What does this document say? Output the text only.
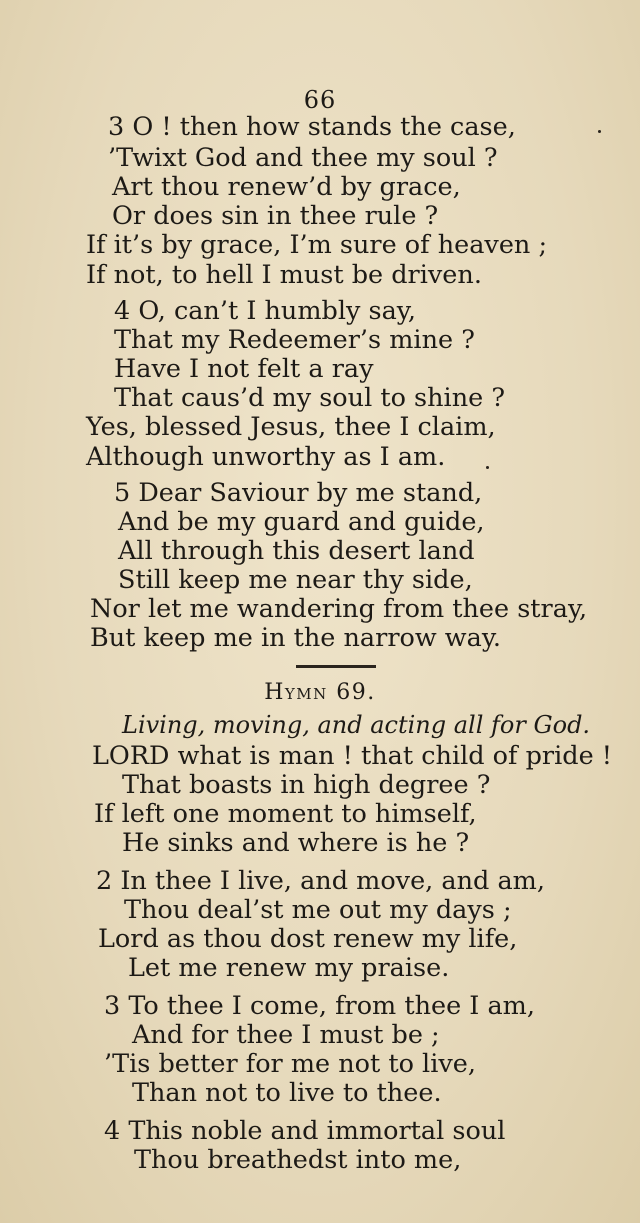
66
3 O ! then how stands the case,
’Twixt God and thee my soul ?
Art thou renew’d by grace,
Or does sin in thee rule ?
If it’s by grace, I’m sure of heaven ;
If not, to hell I must be driven.
4 O, can’t I humbly say,
That my Redeemer’s mine ?
Have I not felt a ray
That caus’d my soul to shine ?
Yes, blessed Jesus, thee I claim,
Although unworthy as I am.
5 Dear Saviour by me stand,
And be my guard and guide,
All through this desert land
Still keep me near thy side,
Nor let me wandering from thee stray,
But keep me in the narrow way.
Hymn 69.
Living, moving, and acting all for God.
LORD what is man ! that child of pride !
That boasts in high degree ?
If left one moment to himself,
He sinks and where is he ?
2 In thee I live, and move, and am,
Thou deal’st me out my days ;
Lord as thou dost renew my life,
Let me renew my praise.
3 To thee I come, from thee I am,
And for thee I must be ;
’Tis better for me not to live,
Than not to live to thee.
4 This noble and immortal soul
Thou breathedst into me,
